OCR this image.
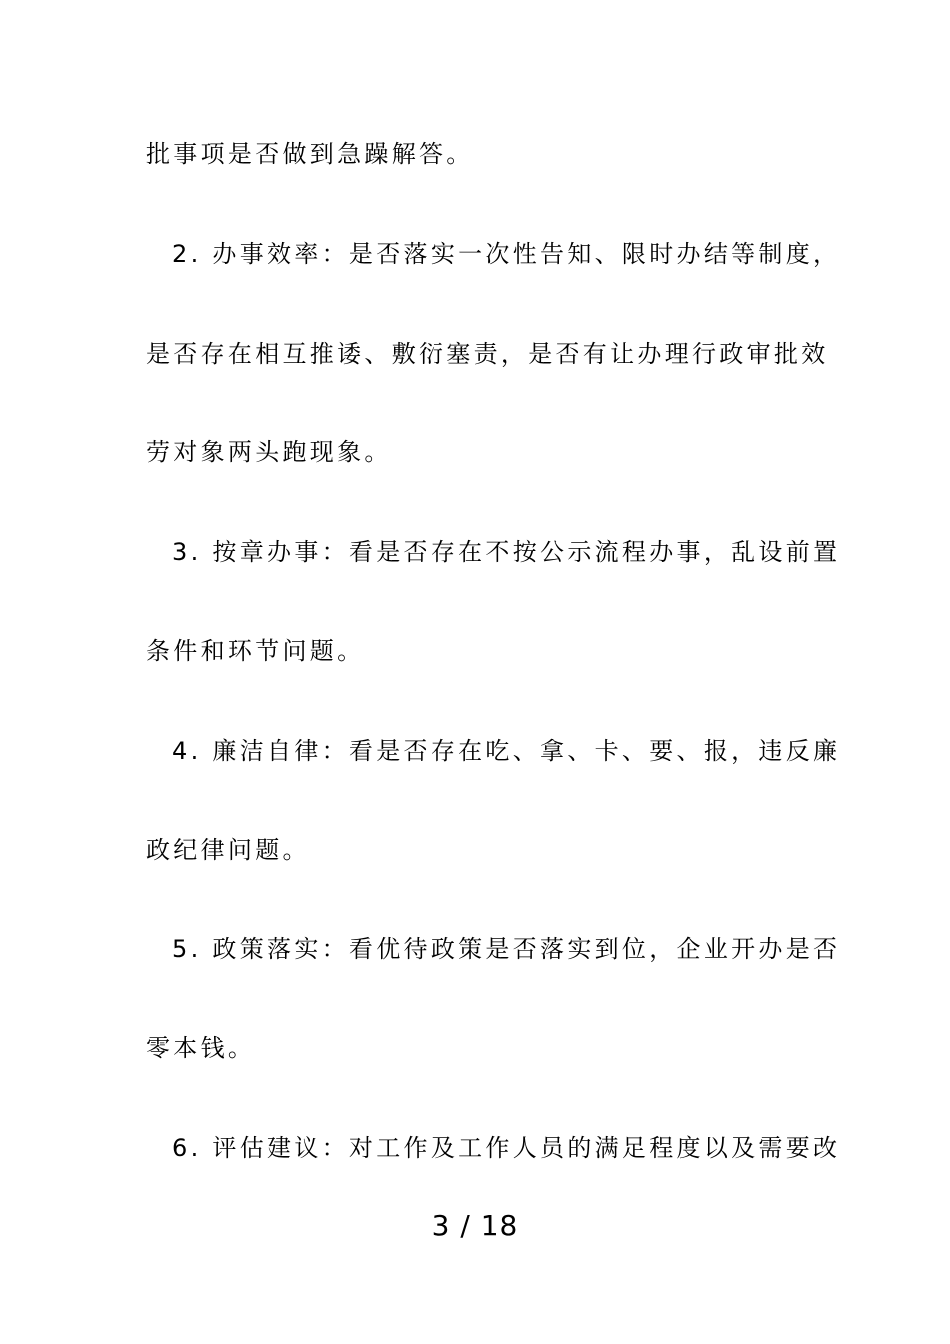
批事项是否做到急躁解答。
2. 办事效率：是否落实一次性告知、限时办结等制度，
是否存在相互推诿、敷衍塞责，是否有让办理行政审批效
劳对象两头跑现象。
3. 按章办事：看是否存在不按公示流程办事，乱设前置
条件和环节问题。
4. 廉洁自律：看是否存在吃、拿、卡、要、报，违反廉
政纪律问题。
5. 政策落实：看优待政策是否落实到位，企业开办是否
零本钱。
6. 评估建议：对工作及工作人员的满足程度以及需要改
3 / 18
